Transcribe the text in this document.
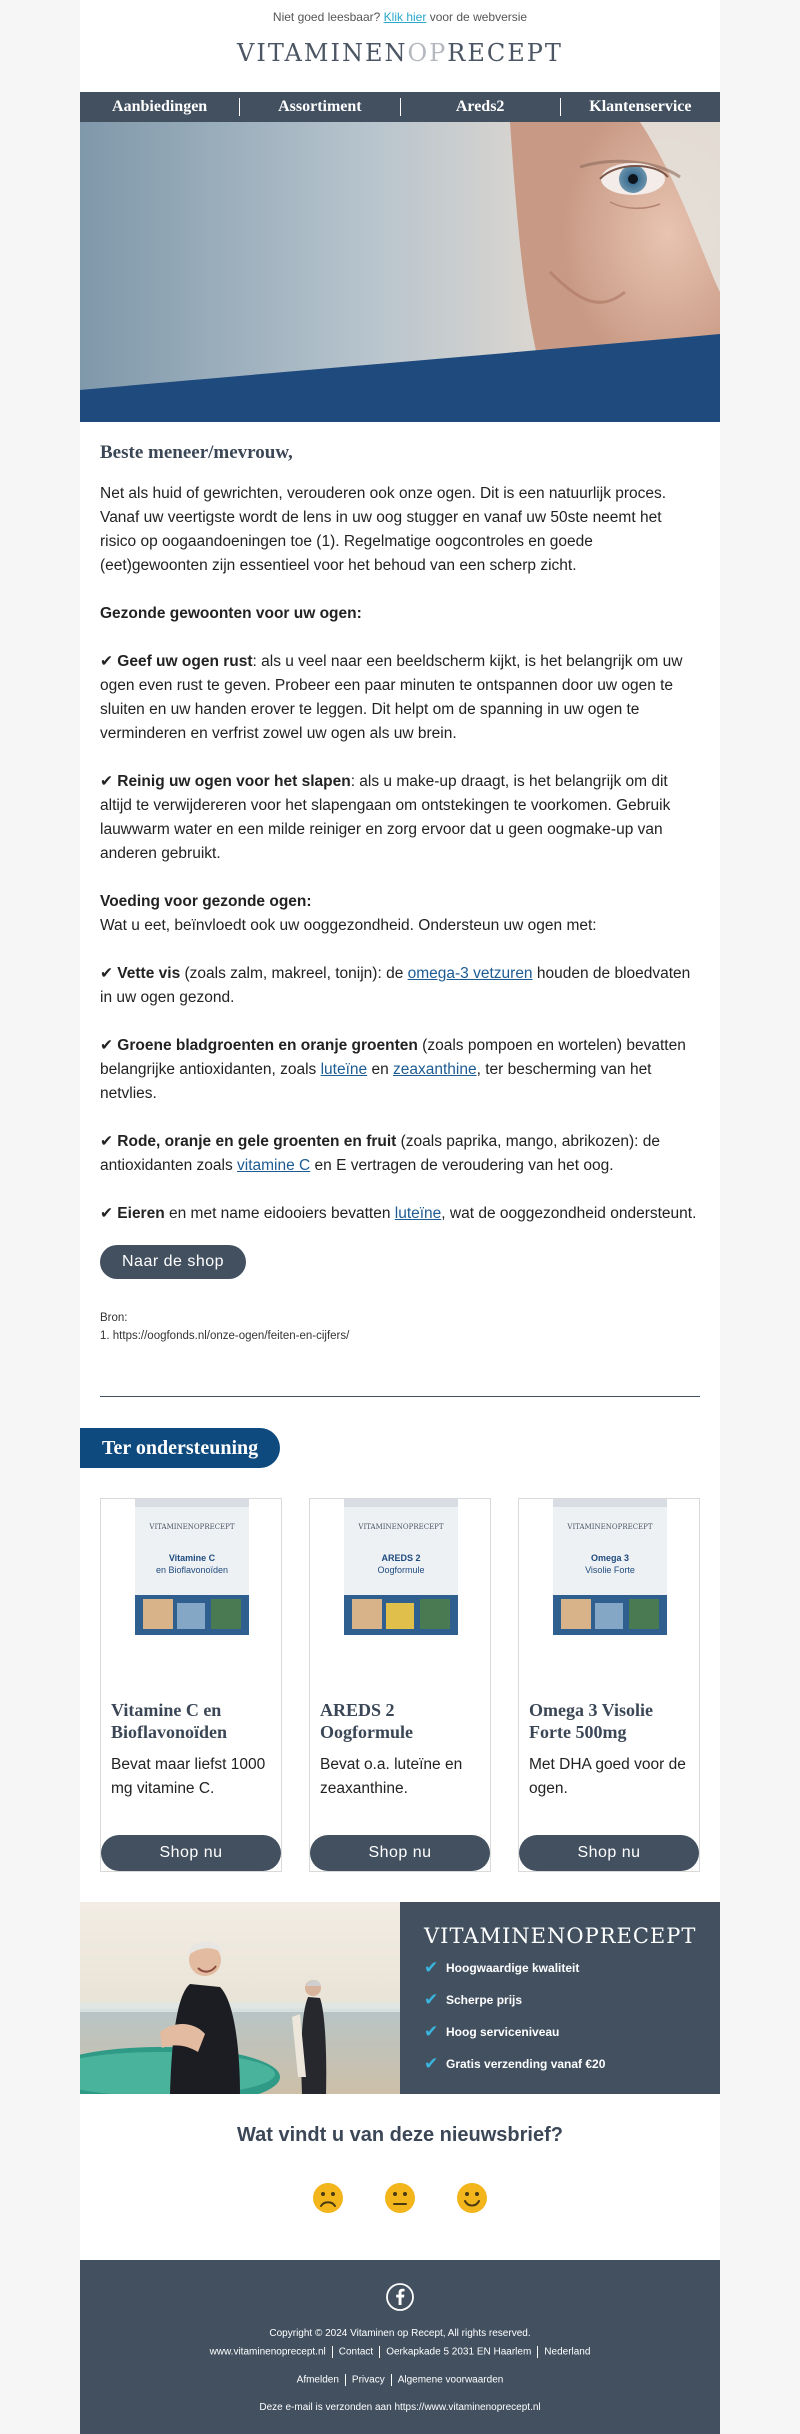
Niet goed leesbaar? Klik hier voor de webversie
VITAMINENOPRECEPT
Aanbiedingen	Assortiment	Areds2	Klantenservice
Beste meneer/mevrouw,

Net als huid of gewrichten, verouderen ook onze ogen. Dit is een natuurlijk proces. Vanaf uw veertigste wordt de lens in uw oog stugger en vanaf uw 50ste neemt het risico op oogaandoeningen toe (1). Regelmatige oogcontroles en goede (eet)gewoonten zijn essentieel voor het behoud van een scherp zicht.

Gezonde gewoonten voor uw ogen:

✔ Geef uw ogen rust: als u veel naar een beeldscherm kijkt, is het belangrijk om uw ogen even rust te geven. Probeer een paar minuten te ontspannen door uw ogen te sluiten en uw handen erover te leggen. Dit helpt om de spanning in uw ogen te verminderen en verfrist zowel uw ogen als uw brein.

✔ Reinig uw ogen voor het slapen: als u make-up draagt, is het belangrijk om dit altijd te verwijdereren voor het slapengaan om ontstekingen te voorkomen. Gebruik lauwwarm water en een milde reiniger en zorg ervoor dat u geen oogmake-up van anderen gebruikt.

Voeding voor gezonde ogen:

Wat u eet, beïnvloedt ook uw ooggezondheid. Ondersteun uw ogen met:

✔ Vette vis (zoals zalm, makreel, tonijn): de omega-3 vetzuren houden de bloedvaten in uw ogen gezond.

✔ Groene bladgroenten en oranje groenten (zoals pompoen en wortelen) bevatten belangrijke antioxidanten, zoals luteïne en zeaxanthine, ter bescherming van het netvlies.

✔ Rode, oranje en gele groenten en fruit (zoals paprika, mango, abrikozen): de antioxidanten zoals vitamine C en E vertragen de veroudering van het oog.

✔ Eieren en met name eidooiers bevatten luteïne, wat de ooggezondheid ondersteunt.

Naar de shop
Bron:
1. https://oogfonds.nl/onze-ogen/feiten-en-cijfers/
Ter ondersteuning
VITAMINENOPRECEPT
Vitamine C
en Bioflavonoïden
Vitamine C en Bioflavonoïden
Bevat maar liefst 1000 mg vitamine C.
Shop nu
VITAMINENOPRECEPT
AREDS 2
Oogformule
AREDS 2 Oogformule
Bevat o.a. luteïne en zeaxanthine.
Shop nu
VITAMINENOPRECEPT
Omega 3
Visolie Forte
Omega 3 Visolie Forte 500mg
Met DHA goed voor de ogen.
Shop nu
VITAMINENOPRECEPT
✔ Hoogwaardige kwaliteit
✔ Scherpe prijs
✔ Hoog serviceniveau
✔ Gratis verzending vanaf €20
Wat vindt u van deze nieuwsbrief?
Copyright © 2024 Vitaminen op Recept, All rights reserved.
www.vitaminenoprecept.nl Contact Oerkapkade 5 2031 EN Haarlem Nederland
Afmelden Privacy Algemene voorwaarden
Deze e-mail is verzonden aan https://www.vitaminenoprecept.nl
